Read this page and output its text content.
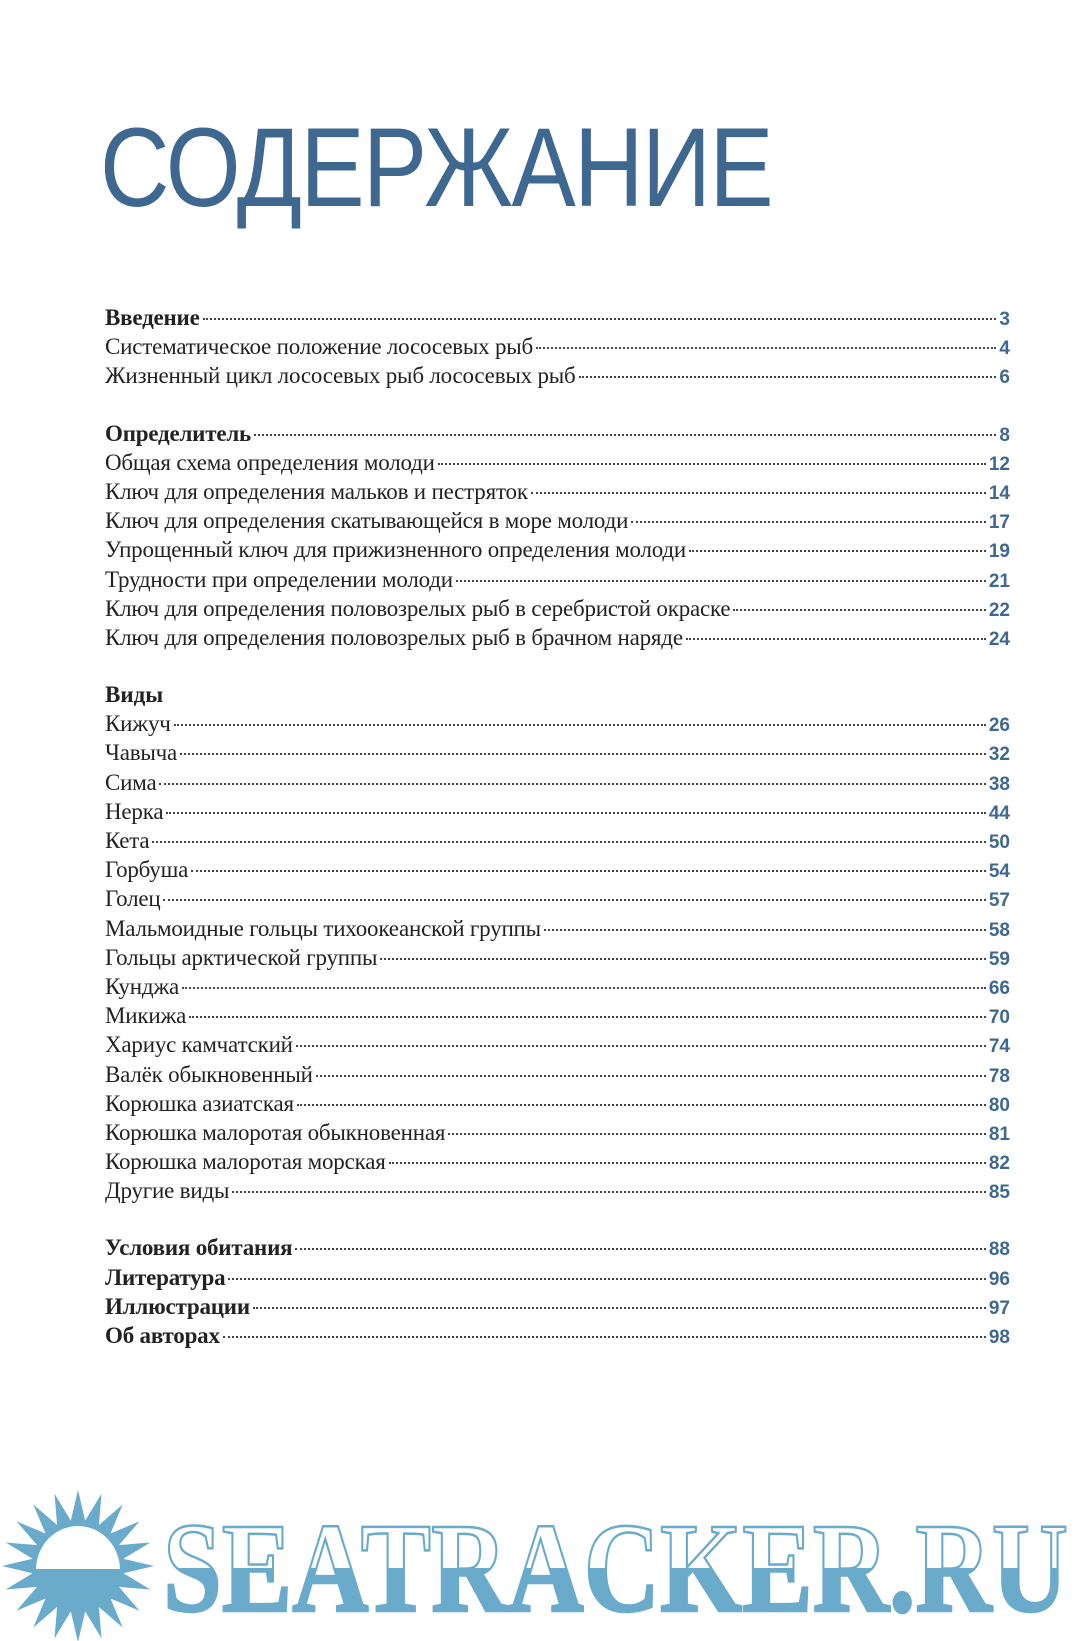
СОДЕРЖАНИЕ
Введение	3
Систематическое положение лососевых рыб	4
Жизненный цикл лососевых рыб лососевых рыб	6
Определитель	8
Общая схема определения молоди	12
Ключ для определения мальков и пестряток	14
Ключ для определения скатывающейся в море молоди	17
Упрощенный ключ для прижизненного определения молоди	19
Трудности при определении молоди	21
Ключ для определения половозрелых рыб в серебристой окраске	22
Ключ для определения половозрелых рыб в брачном наряде	24
Виды
Кижуч	26
Чавыча	32
Сима	38
Нерка	44
Кета	50
Горбуша	54
Голец	57
Мальмоидные гольцы тихоокеанской группы	58
Гольцы арктической группы	59
Кунджа	66
Микижа	70
Хариус камчатский	74
Валёк обыкновенный	78
Корюшка азиатская	80
Корюшка малоротая обыкновенная	81
Корюшка малоротая морская	82
Другие виды	85
Условия обитания	88
Литература	96
Иллюстрации	97
Об авторах	98
SEATRACKER.RU
